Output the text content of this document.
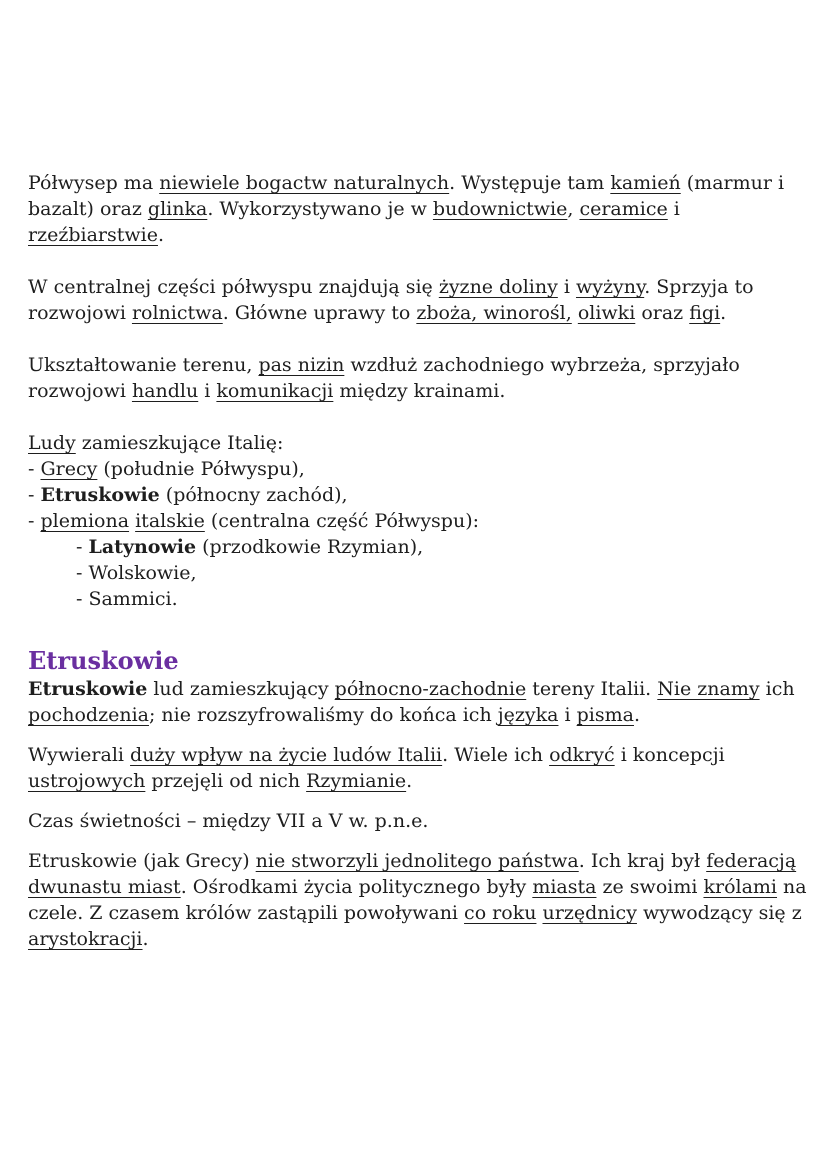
Półwysep ma niewiele bogactw naturalnych. Występuje tam kamień (marmur i bazalt) oraz glinka. Wykorzystywano je w budownictwie, ceramice i rzeźbiarstwie.

W centralnej części półwyspu znajdują się żyzne doliny i wyżyny. Sprzyja to rozwojowi rolnictwa. Główne uprawy to zboża, winorośl, oliwki oraz figi.

Ukształtowanie terenu, pas nizin wzdłuż zachodniego wybrzeża, sprzyjało rozwojowi handlu i komunikacji między krainami.

Ludy zamieszkujące Italię:

- Grecy (południe Półwyspu),

- Etruskowie (północny zachód),

- plemiona italskie (centralna część Półwyspu):

- Latynowie (przodkowie Rzymian),

- Wolskowie,

- Sammici.

Etruskowie

Etruskowie lud zamieszkujący północno-zachodnie tereny Italii. Nie znamy ich pochodzenia; nie rozszyfrowaliśmy do końca ich języka i pisma.

Wywierali duży wpływ na życie ludów Italii. Wiele ich odkryć i koncepcji ustrojowych przejęli od nich Rzymianie.

Czas świetności – między VII a V w. p.n.e.

Etruskowie (jak Grecy) nie stworzyli jednolitego państwa. Ich kraj był federacją dwunastu miast. Ośrodkami życia politycznego były miasta ze swoimi królami na czele. Z czasem królów zastąpili powoływani co roku urzędnicy wywodzący się z arystokracji.
